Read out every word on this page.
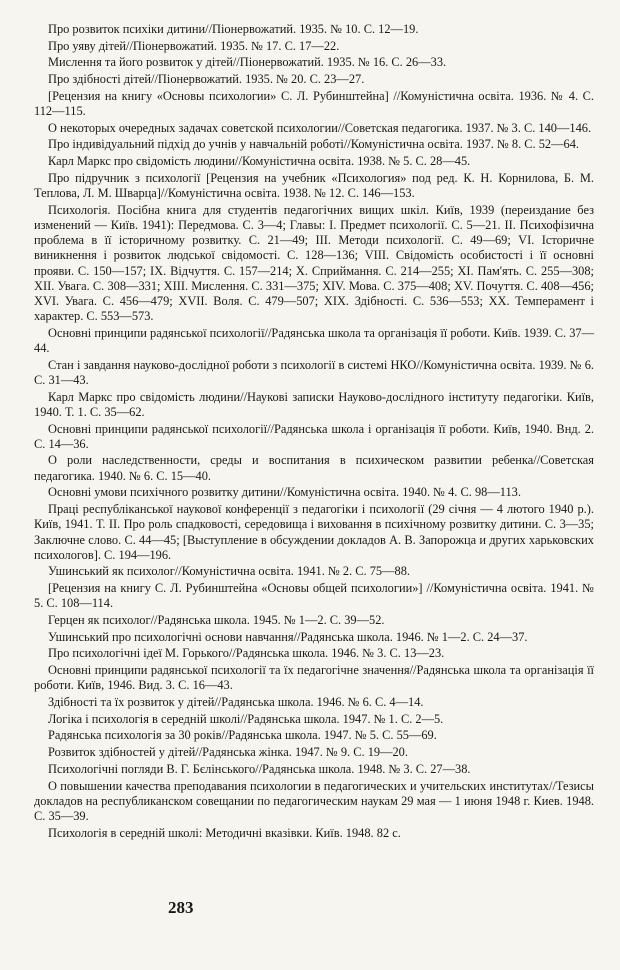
Про розвиток психіки дитини//Піонервожатий. 1935. № 10. С. 12—19.

Про уяву дітей//Піонервожатий. 1935. № 17. С. 17—22.

Мислення та його розвиток у дітей//Піонервожатий. 1935. № 16. С. 26—33.

Про здібності дітей//Піонервожатий. 1935. № 20. С. 23—27.

[Рецензия на книгу «Основы психологии» С. Л. Рубинштейна] //Комуністична освіта. 1936. № 4. С. 112—115.

О некоторых очередных задачах советской психологии//Советская педагогика. 1937. № 3. С. 140—146.

Про індивідуальний підхід до учнів у навчальній роботі//Комуністична освіта. 1937. № 8. С. 52—64.

Карл Маркс про свідомість людини//Комуністична освіта. 1938. № 5. С. 28—45.

Про підручник з психології [Рецензия на учебник «Психология» под ред. К. Н. Корнилова, Б. М. Теплова, Л. М. Шварца]//Комуністична освіта. 1938. № 12. С. 146—153.

Психологія. Посібна книга для студентів педагогічних вищих шкіл. Київ, 1939 (переиздание без изменений — Київ. 1941): Передмова. С. 3—4; Главы: І. Предмет психології. С. 5—21. II. Психофізична проблема в її історичному розвитку. С. 21—49; III. Методи психології. С. 49—69; VI. Історичне виникнення і розвиток людської свідомості. С. 128—136; VIII. Свідомість особистості і її основні прояви. С. 150—157; IX. Відчуття. С. 157—214; X. Сприймання. С. 214—255; XI. Пам'ять. С. 255—308; XII. Увага. С. 308—331; XIII. Мислення. С. 331—375; XIV. Мова. С. 375—408; XV. Почуття. С. 408—456; XVI. Увага. С. 456—479; XVII. Воля. С. 479—507; XIX. Здібності. С. 536—553; XX. Темперамент і характер. С. 553—573.

Основні принципи радянської психології//Радянська школа та організація її роботи. Київ. 1939. С. 37—44.

Стан і завдання науково-дослідної роботи з психології в системі НКО//Комуністична освіта. 1939. № 6. С. 31—43.

Карл Маркс про свідомість людини//Наукові записки Науково-дослідного інституту педагогіки. Київ, 1940. Т. 1. С. 35—62.

Основні принципи радянської психології//Радянська школа і організація її роботи. Київ, 1940. Внд. 2. С. 14—36.

О роли наследственности, среды и воспитания в психическом развитии ребенка//Советская педагогика. 1940. № 6. С. 15—40.

Основні умови психічного розвитку дитини//Комуністична освіта. 1940. № 4. С. 98—113.

Праці республіканської наукової конференції з педагогіки і психології (29 січня — 4 лютого 1940 р.). Київ, 1941. Т. II. Про роль спадковості, середовища і виховання в психічному розвитку дитини. С. 3—35; Заключне слово. С. 44—45; [Выступление в обсуждении докладов А. В. Запорожца и других харьковских психологов]. С. 194—196.

Ушинський як психолог//Комуністична освіта. 1941. № 2. С. 75—88.

[Рецензия на книгу С. Л. Рубинштейна «Основы общей психологии»] //Комуністична освіта. 1941. № 5. С. 108—114.

Герцен як психолог//Радянська школа. 1945. № 1—2. С. 39—52.

Ушинський про психологічні основи навчання//Радянська школа. 1946. № 1—2. С. 24—37.

Про психологічні ідеї М. Горького//Радянська школа. 1946. № 3. С. 13—23.

Основні принципи радянської психології та їх педагогічне значення//Радянська школа та організація її роботи. Київ, 1946. Вид. 3. С. 16—43.

Здібності та їх розвиток у дітей//Радянська школа. 1946. № 6. С. 4—14.

Логіка і психологія в середній школі//Радянська школа. 1947. № 1. С. 2—5.

Радянська психологія за 30 років//Радянська школа. 1947. № 5. С. 55—69.

Розвиток здібностей у дітей//Радянська жінка. 1947. № 9. С. 19—20.

Психологічні погляди В. Г. Бєлінського//Радянська школа. 1948. № 3. С. 27—38.

О повышении качества преподавания психологии в педагогических и учительских институтах//Тезисы докладов на республиканском совещании по педагогическим наукам 29 мая — 1 июня 1948 г. Киев. 1948. С. 35—39.

Психологія в середній школі: Методичні вказівки. Київ. 1948. 82 с.

283
